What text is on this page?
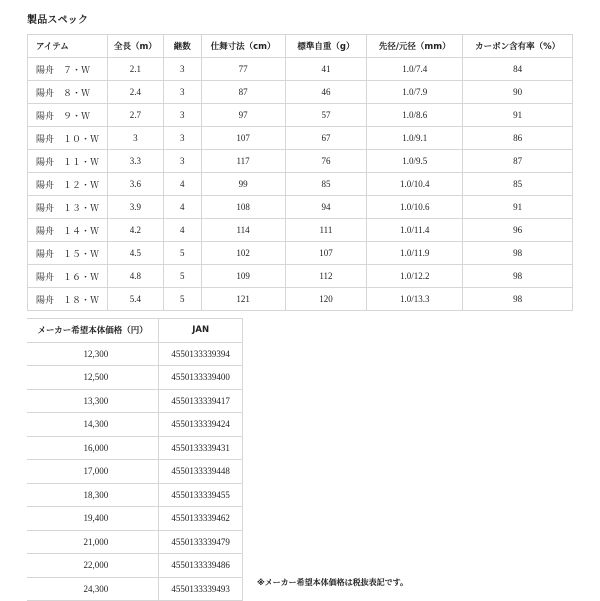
製品スペック
アイテム	全長（m）	継数	仕舞寸法（cm）	標準自重（g）	先径/元径（mm）	カーボン含有率（%）
陽舟　７・Ｗ	2.1	3	77	41	1.0/7.4	84
陽舟　８・Ｗ	2.4	3	87	46	1.0/7.9	90
陽舟　９・Ｗ	2.7	3	97	57	1.0/8.6	91
陽舟　１０・Ｗ	3	3	107	67	1.0/9.1	86
陽舟　１１・Ｗ	3.3	3	117	76	1.0/9.5	87
陽舟　１２・Ｗ	3.6	4	99	85	1.0/10.4	85
陽舟　１３・Ｗ	3.9	4	108	94	1.0/10.6	91
陽舟　１４・Ｗ	4.2	4	114	111	1.0/11.4	96
陽舟　１５・Ｗ	4.5	5	102	107	1.0/11.9	98
陽舟　１６・Ｗ	4.8	5	109	112	1.0/12.2	98
陽舟　１８・Ｗ	5.4	5	121	120	1.0/13.3	98
メーカー希望本体価格（円）	JAN
12,300	4550133339394
12,500	4550133339400
13,300	4550133339417
14,300	4550133339424
16,000	4550133339431
17,000	4550133339448
18,300	4550133339455
19,400	4550133339462
21,000	4550133339479
22,000	4550133339486
24,300	4550133339493
※メーカー希望本体価格は税抜表記です。
